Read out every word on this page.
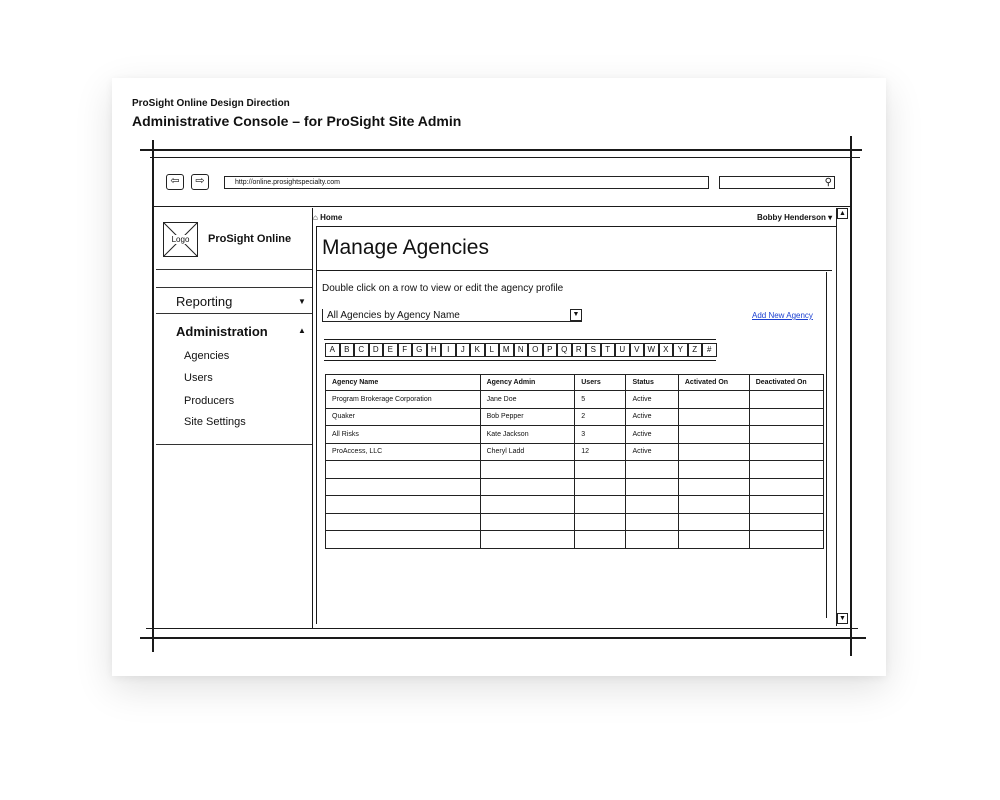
ProSight Online Design Direction
Administrative Console – for ProSight Site Admin
⇦	⇨	http://online.prosightspecialty.com	⚲
Logo	ProSight Online
Reporting	▼
Administration	▲
Agencies
Users
Producers
Site Settings
⌂ Home	Bobby Henderson ▾
Manage Agencies
Double click on a row to view or edit the agency profile
All Agencies by Agency Name	▼	Add New Agency
A	B	C	D	E	F	G	H	I	J	K	L	M	N	O	P	Q	R	S	T	U	V	W	X	Y	Z	#
Agency Name	Agency Admin	Users	Status	Activated On	Deactivated On
Program Brokerage Corporation	Jane Doe	5	Active		
Quaker	Bob Pepper	2	Active		
All Risks	Kate Jackson	3	Active		
ProAccess, LLC	Cheryl Ladd	12	Active		

▲
▼
